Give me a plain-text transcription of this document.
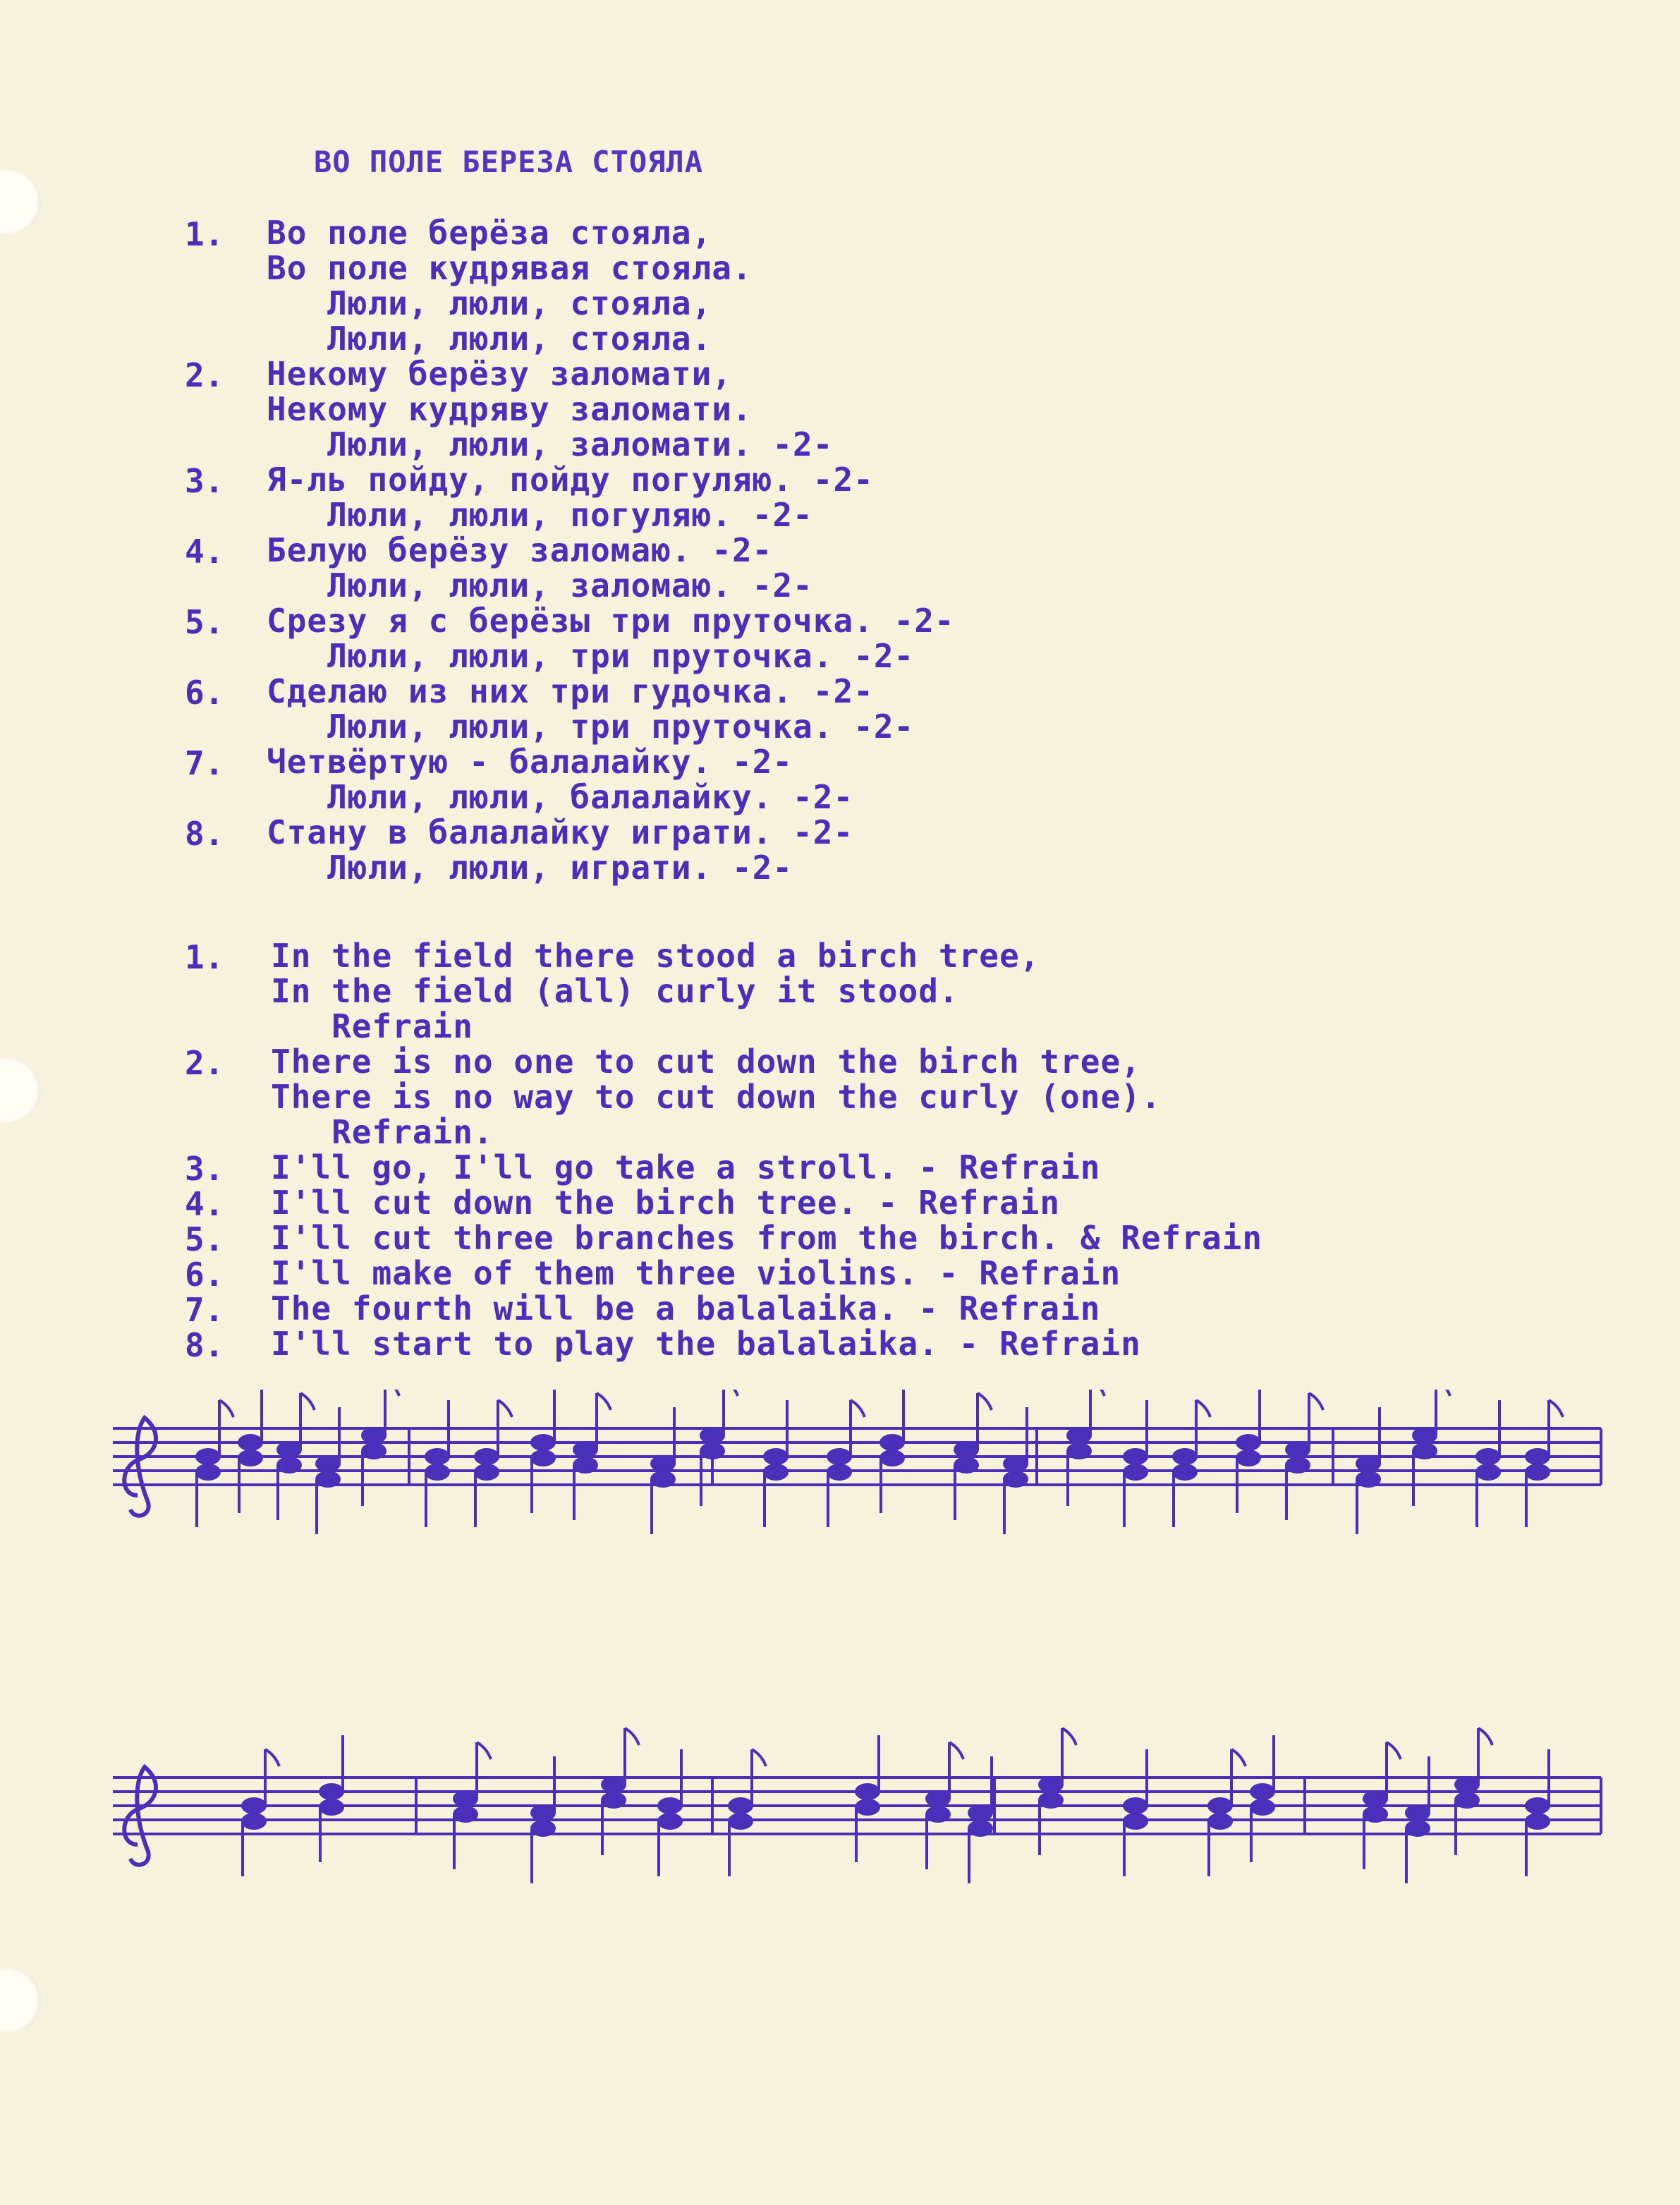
ВО ПОЛЕ БЕРЕЗА СТОЯЛА
1. Во поле берёза стояла,
Во поле кудрявая стояла.
Люли, люли, стояла,
Люли, люли, стояла.
2. Некому берёзу заломати,
Некому кудряву заломати.
Люли, люли, заломати. -2-
3. Я-ль пойду, пойду погуляю. -2-
Люли, люли, погуляю. -2-
4. Белую берёзу заломаю. -2-
Люли, люли, заломаю. -2-
5. Срезу я с берёзы три пруточка. -2-
Люли, люли, три пруточка. -2-
6. Сделаю из них три гудочка. -2-
Люли, люли, три пруточка. -2-
7. Четвёртую - балалайку. -2-
Люли, люли, балалайку. -2-
8. Стану в балалайку играти. -2-
Люли, люли, играти. -2-
1. In the field there stood a birch tree,
In the field (all) curly it stood.
Refrain
2. There is no one to cut down the birch tree,
There is no way to cut down the curly (one).
Refrain.
3. I'll go, I'll go take a stroll. - Refrain
4. I'll cut down the birch tree. - Refrain
5. I'll cut three branches from the birch. & Refrain
6. I'll make of them three violins. - Refrain
7. The fourth will be a balalaika. - Refrain
8. I'll start to play the balalaika. - Refrain
